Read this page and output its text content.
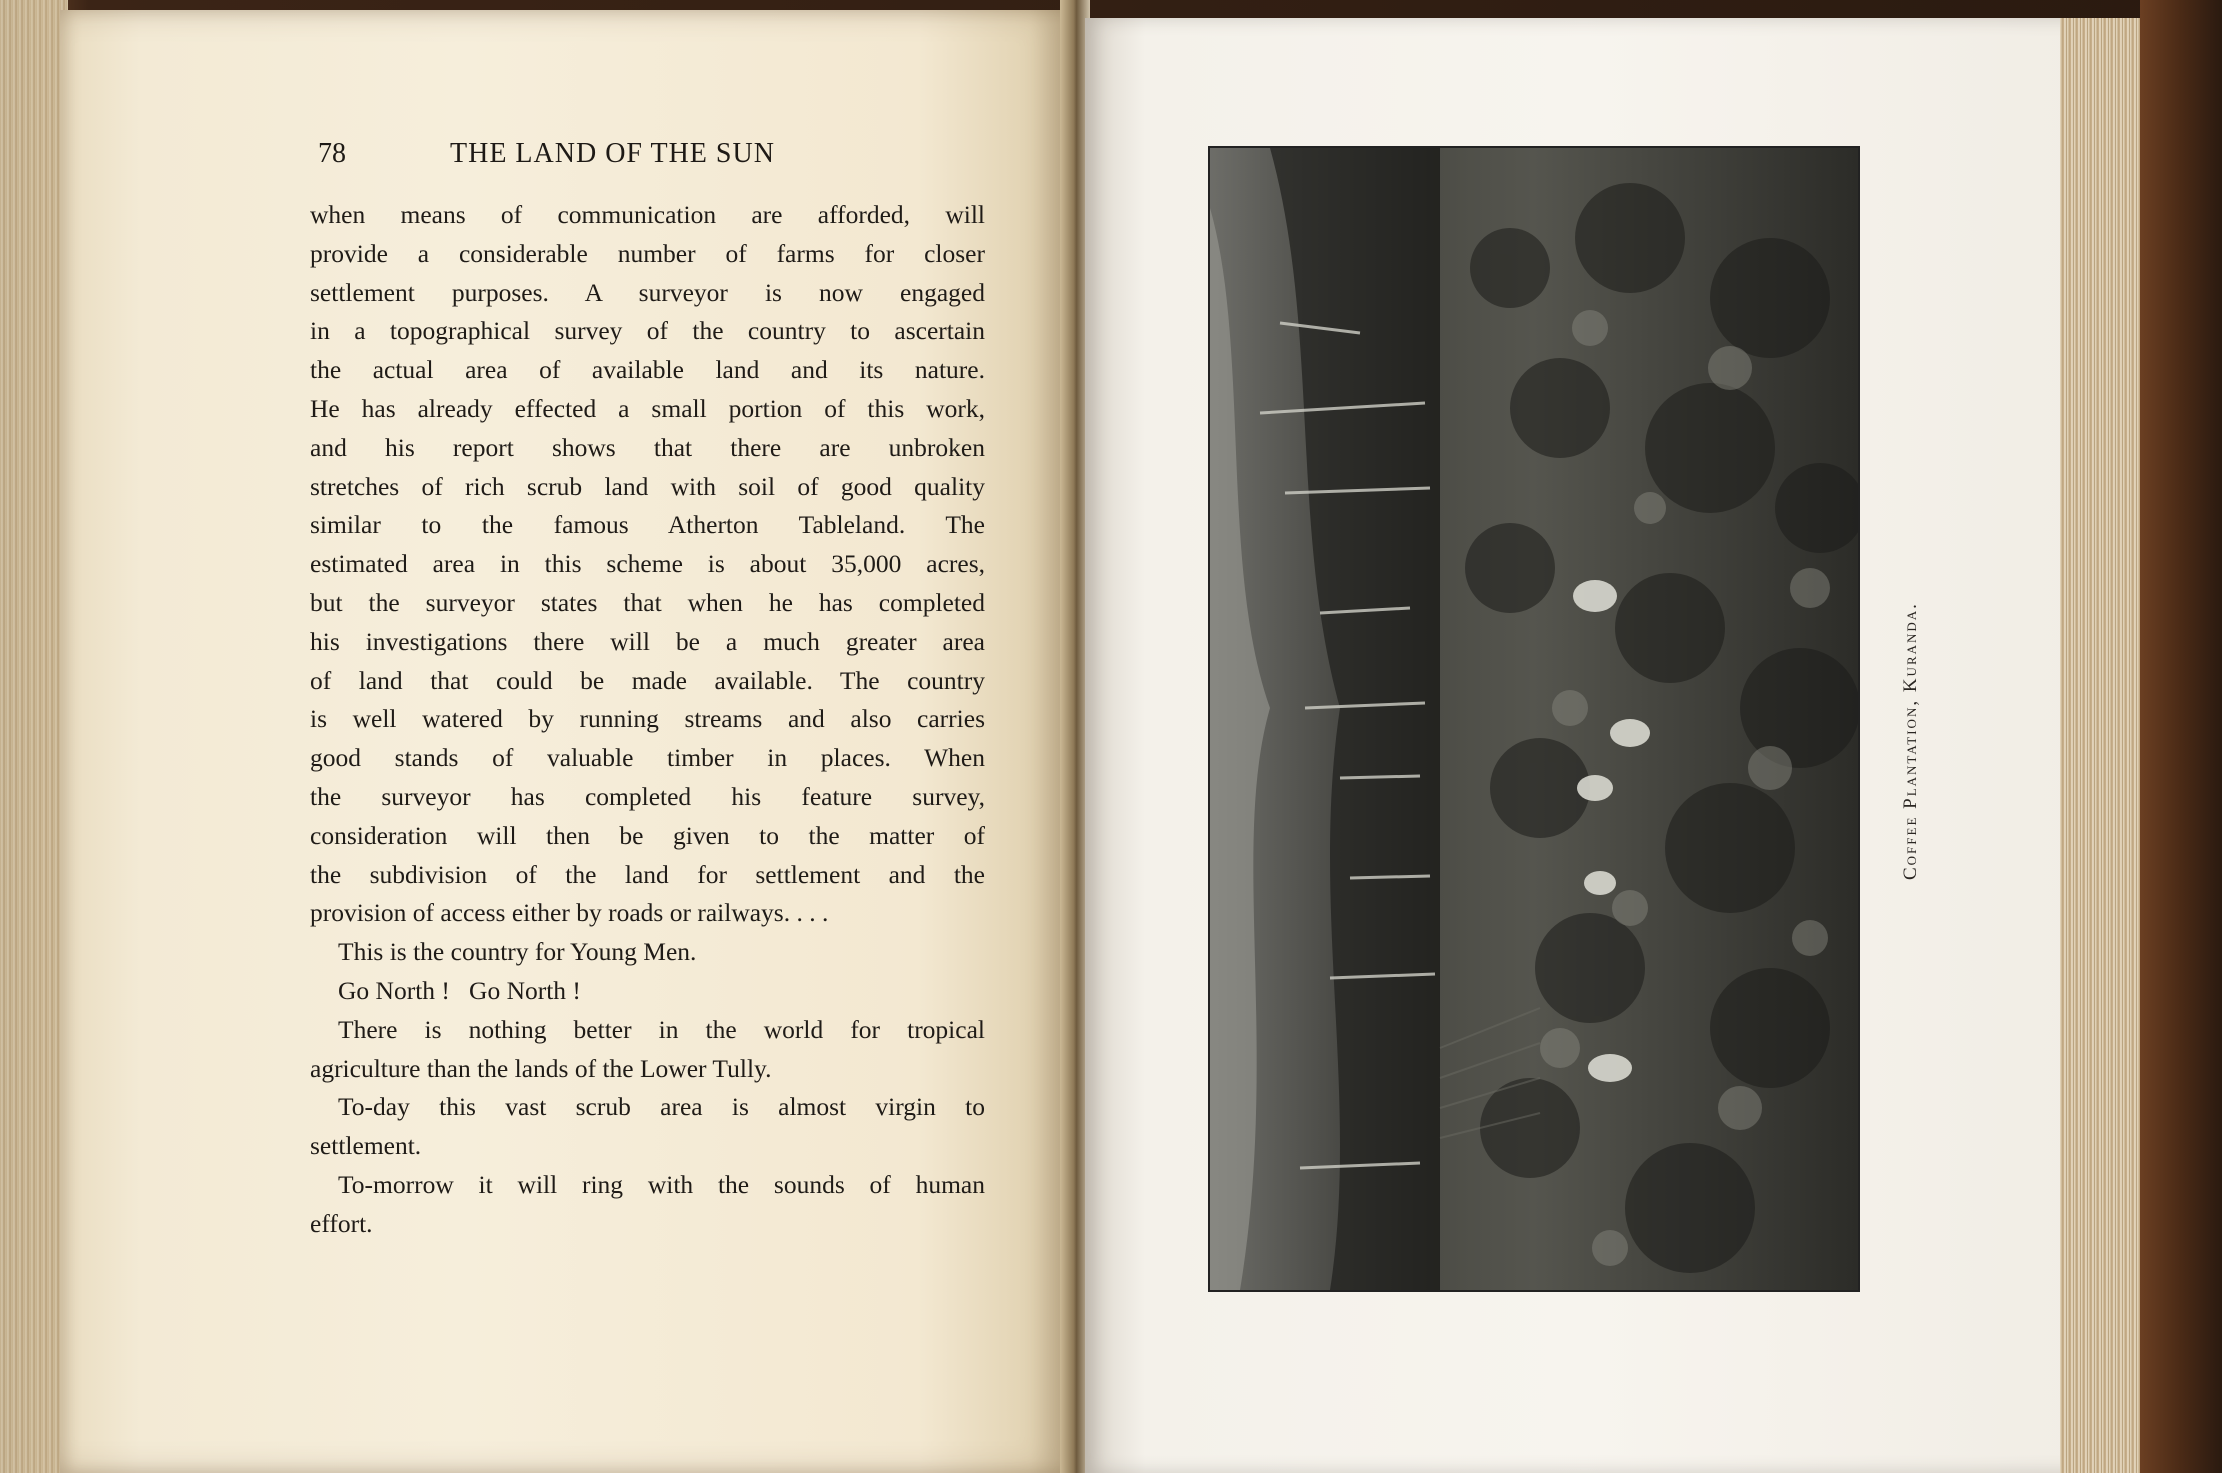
78	THE LAND OF THE SUN

when means of communication are afforded, will
provide a considerable number of farms for closer
settlement purposes. A surveyor is now engaged
in a topographical survey of the country to ascertain
the actual area of available land and its nature.
He has already effected a small portion of this work,
and his report shows that there are unbroken
stretches of rich scrub land with soil of good quality
similar to the famous Atherton Tableland. The
estimated area in this scheme is about 35,000 acres,
but the surveyor states that when he has completed
his investigations there will be a much greater area
of land that could be made available. The country
is well watered by running streams and also carries
good stands of valuable timber in places. When
the surveyor has completed his feature survey,
consideration will then be given to the matter of
the subdivision of the land for settlement and the
provision of access either by roads or railways. . . .

This is the country for Young Men.

Go North !   Go North !

There is nothing better in the world for tropical
agriculture than the lands of the Lower Tully.

To-day this vast scrub area is almost virgin to
settlement.

To-morrow it will ring with the sounds of human
effort.

Coffee Plantation, Kuranda.
